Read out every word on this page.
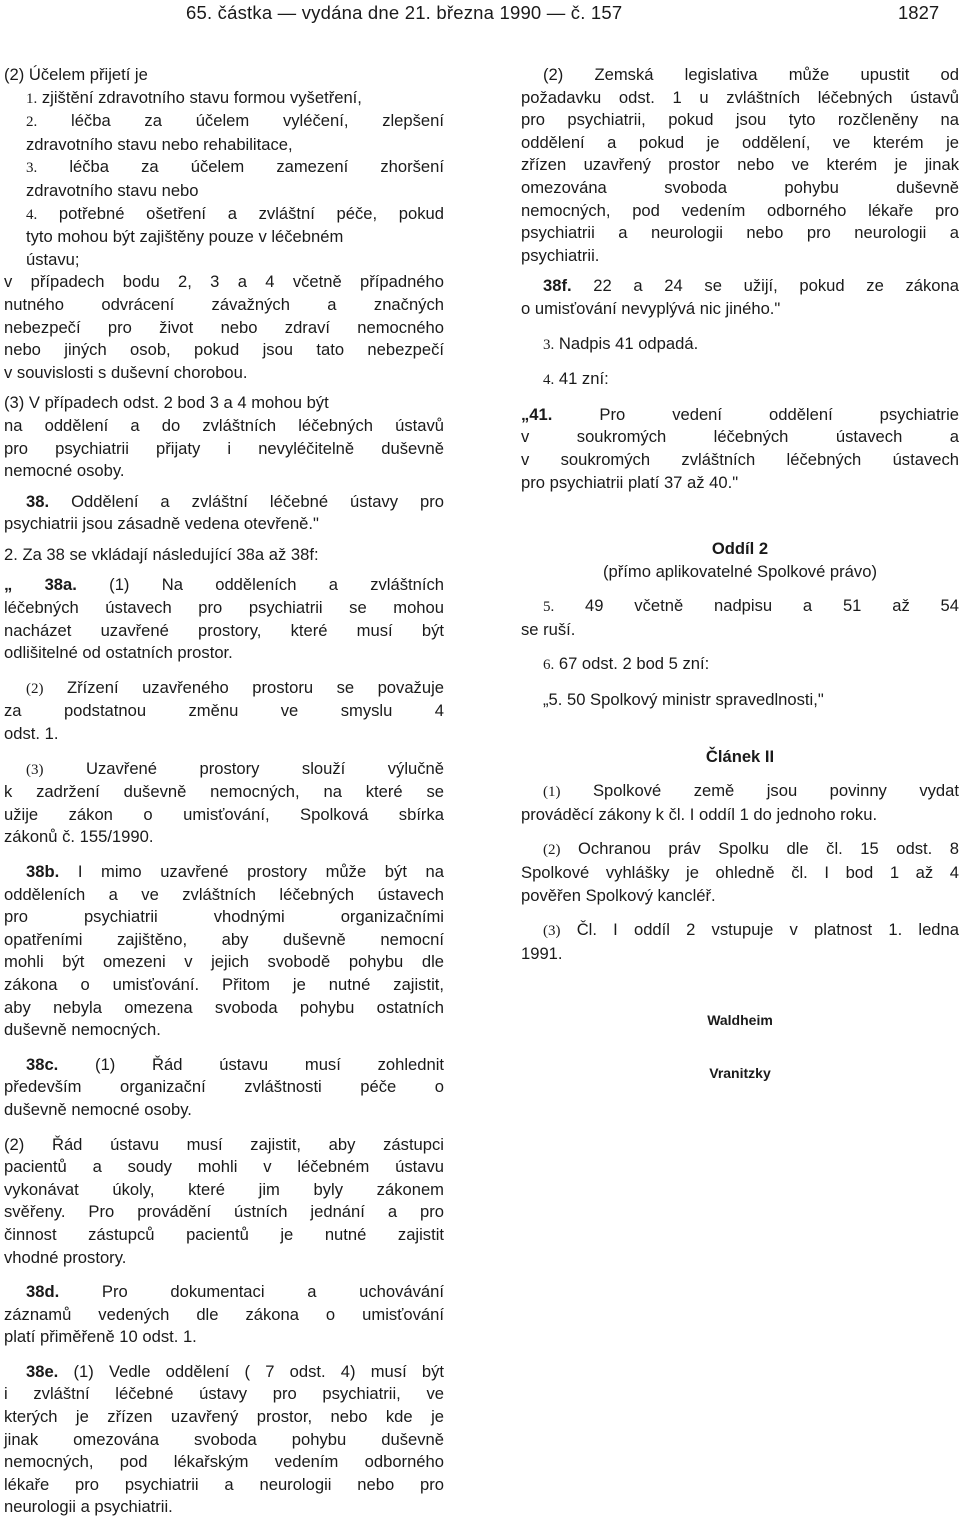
65. částka — vydána dne 21. března 1990 — č. 157	1827

(2) Účelem přijetí je

1. zjištění zdravotního stavu formou vyšetření,

2. léčba za účelem vyléčení, zlepšení

zdravotního stavu nebo rehabilitace,

3. léčba za účelem zamezení zhoršení

zdravotního stavu nebo

4. potřebné ošetření a zvláštní péče, pokud

tyto mohou být zajištěny pouze v léčebném

ústavu;

v případech bodu 2, 3 a 4 včetně případného

nutného odvrácení závažných a značných

nebezpečí pro život nebo zdraví nemocného

nebo jiných osob, pokud jsou tato nebezpečí

v souvislosti s duševní chorobou.

(3) V případech odst. 2 bod 3 a 4 mohou být

na oddělení a do zvláštních léčebných ústavů

pro psychiatrii přijaty i nevyléčitelně duševně

nemocné osoby.

38. Oddělení a zvláštní léčebné ústavy pro

psychiatrii jsou zásadně vedena otevřeně."

2. Za 38 se vkládají následující 38a až 38f:

„ 38a. (1) Na odděleních a zvláštních

léčebných ústavech pro psychiatrii se mohou

nacházet uzavřené prostory, které musí být

odlišitelné od ostatních prostor.

(2) Zřízení uzavřeného prostoru se považuje

za podstatnou změnu ve smyslu 4

odst. 1.

(3) Uzavřené prostory slouží výlučně

k zadržení duševně nemocných, na které se

užije zákon o umisťování, Spolková sbírka

zákonů č. 155/1990.

38b. I mimo uzavřené prostory může být na

odděleních a ve zvláštních léčebných ústavech

pro psychiatrii vhodnými organizačními

opatřeními zajištěno, aby duševně nemocní

mohli být omezeni v jejich svobodě pohybu dle

zákona o umisťování. Přitom je nutné zajistit,

aby nebyla omezena svoboda pohybu ostatních

duševně nemocných.

38c. (1) Řád ústavu musí zohlednit

především organizační zvláštnosti péče o

duševně nemocné osoby.

(2) Řád ústavu musí zajistit, aby zástupci

pacientů a soudy mohli v léčebném ústavu

vykonávat úkoly, které jim byly zákonem

svěřeny. Pro provádění ústních jednání a pro

činnost zástupců pacientů je nutné zajistit

vhodné prostory.

38d. Pro dokumentaci a uchovávání

záznamů vedených dle zákona o umisťování

platí přiměřeně 10 odst. 1.

38e. (1) Vedle oddělení ( 7 odst. 4) musí být

i zvláštní léčebné ústavy pro psychiatrii, ve

kterých je zřízen uzavřený prostor, nebo kde je

jinak omezována svoboda pohybu duševně

nemocných, pod lékařským vedením odborného

lékaře pro psychiatrii a neurologii nebo pro

neurologii a psychiatrii.

(2) Zemská legislativa může upustit od

požadavku odst. 1 u zvláštních léčebných ústavů

pro psychiatrii, pokud jsou tyto rozčleněny na

oddělení a pokud je oddělení, ve kterém je

zřízen uzavřený prostor nebo ve kterém je jinak

omezována svoboda pohybu duševně

nemocných, pod vedením odborného lékaře pro

psychiatrii a neurologii nebo pro neurologii a

psychiatrii.

38f. 22 a 24 se užijí, pokud ze zákona

o umisťování nevyplývá nic jiného."

3. Nadpis 41 odpadá.

4. 41 zní:

„41. Pro vedení oddělení psychiatrie

v soukromých léčebných ústavech a

v soukromých zvláštních léčebných ústavech

pro psychiatrii platí 37 až 40."

Oddíl 2

(přímo aplikovatelné Spolkové právo)

5. 49 včetně nadpisu a 51 až 54

se ruší.

6. 67 odst. 2 bod 5 zní:

„5. 50 Spolkový ministr spravedlnosti,"

Článek II

(1) Spolkové země jsou povinny vydat

prováděcí zákony k čl. I oddíl 1 do jednoho roku.

(2) Ochranou práv Spolku dle čl. 15 odst. 8

Spolkové vyhlášky je ohledně čl. I bod 1 až 4

pověřen Spolkový kancléř.

(3) Čl. I oddíl 2 vstupuje v platnost 1. ledna

1991.

Waldheim

Vranitzky
